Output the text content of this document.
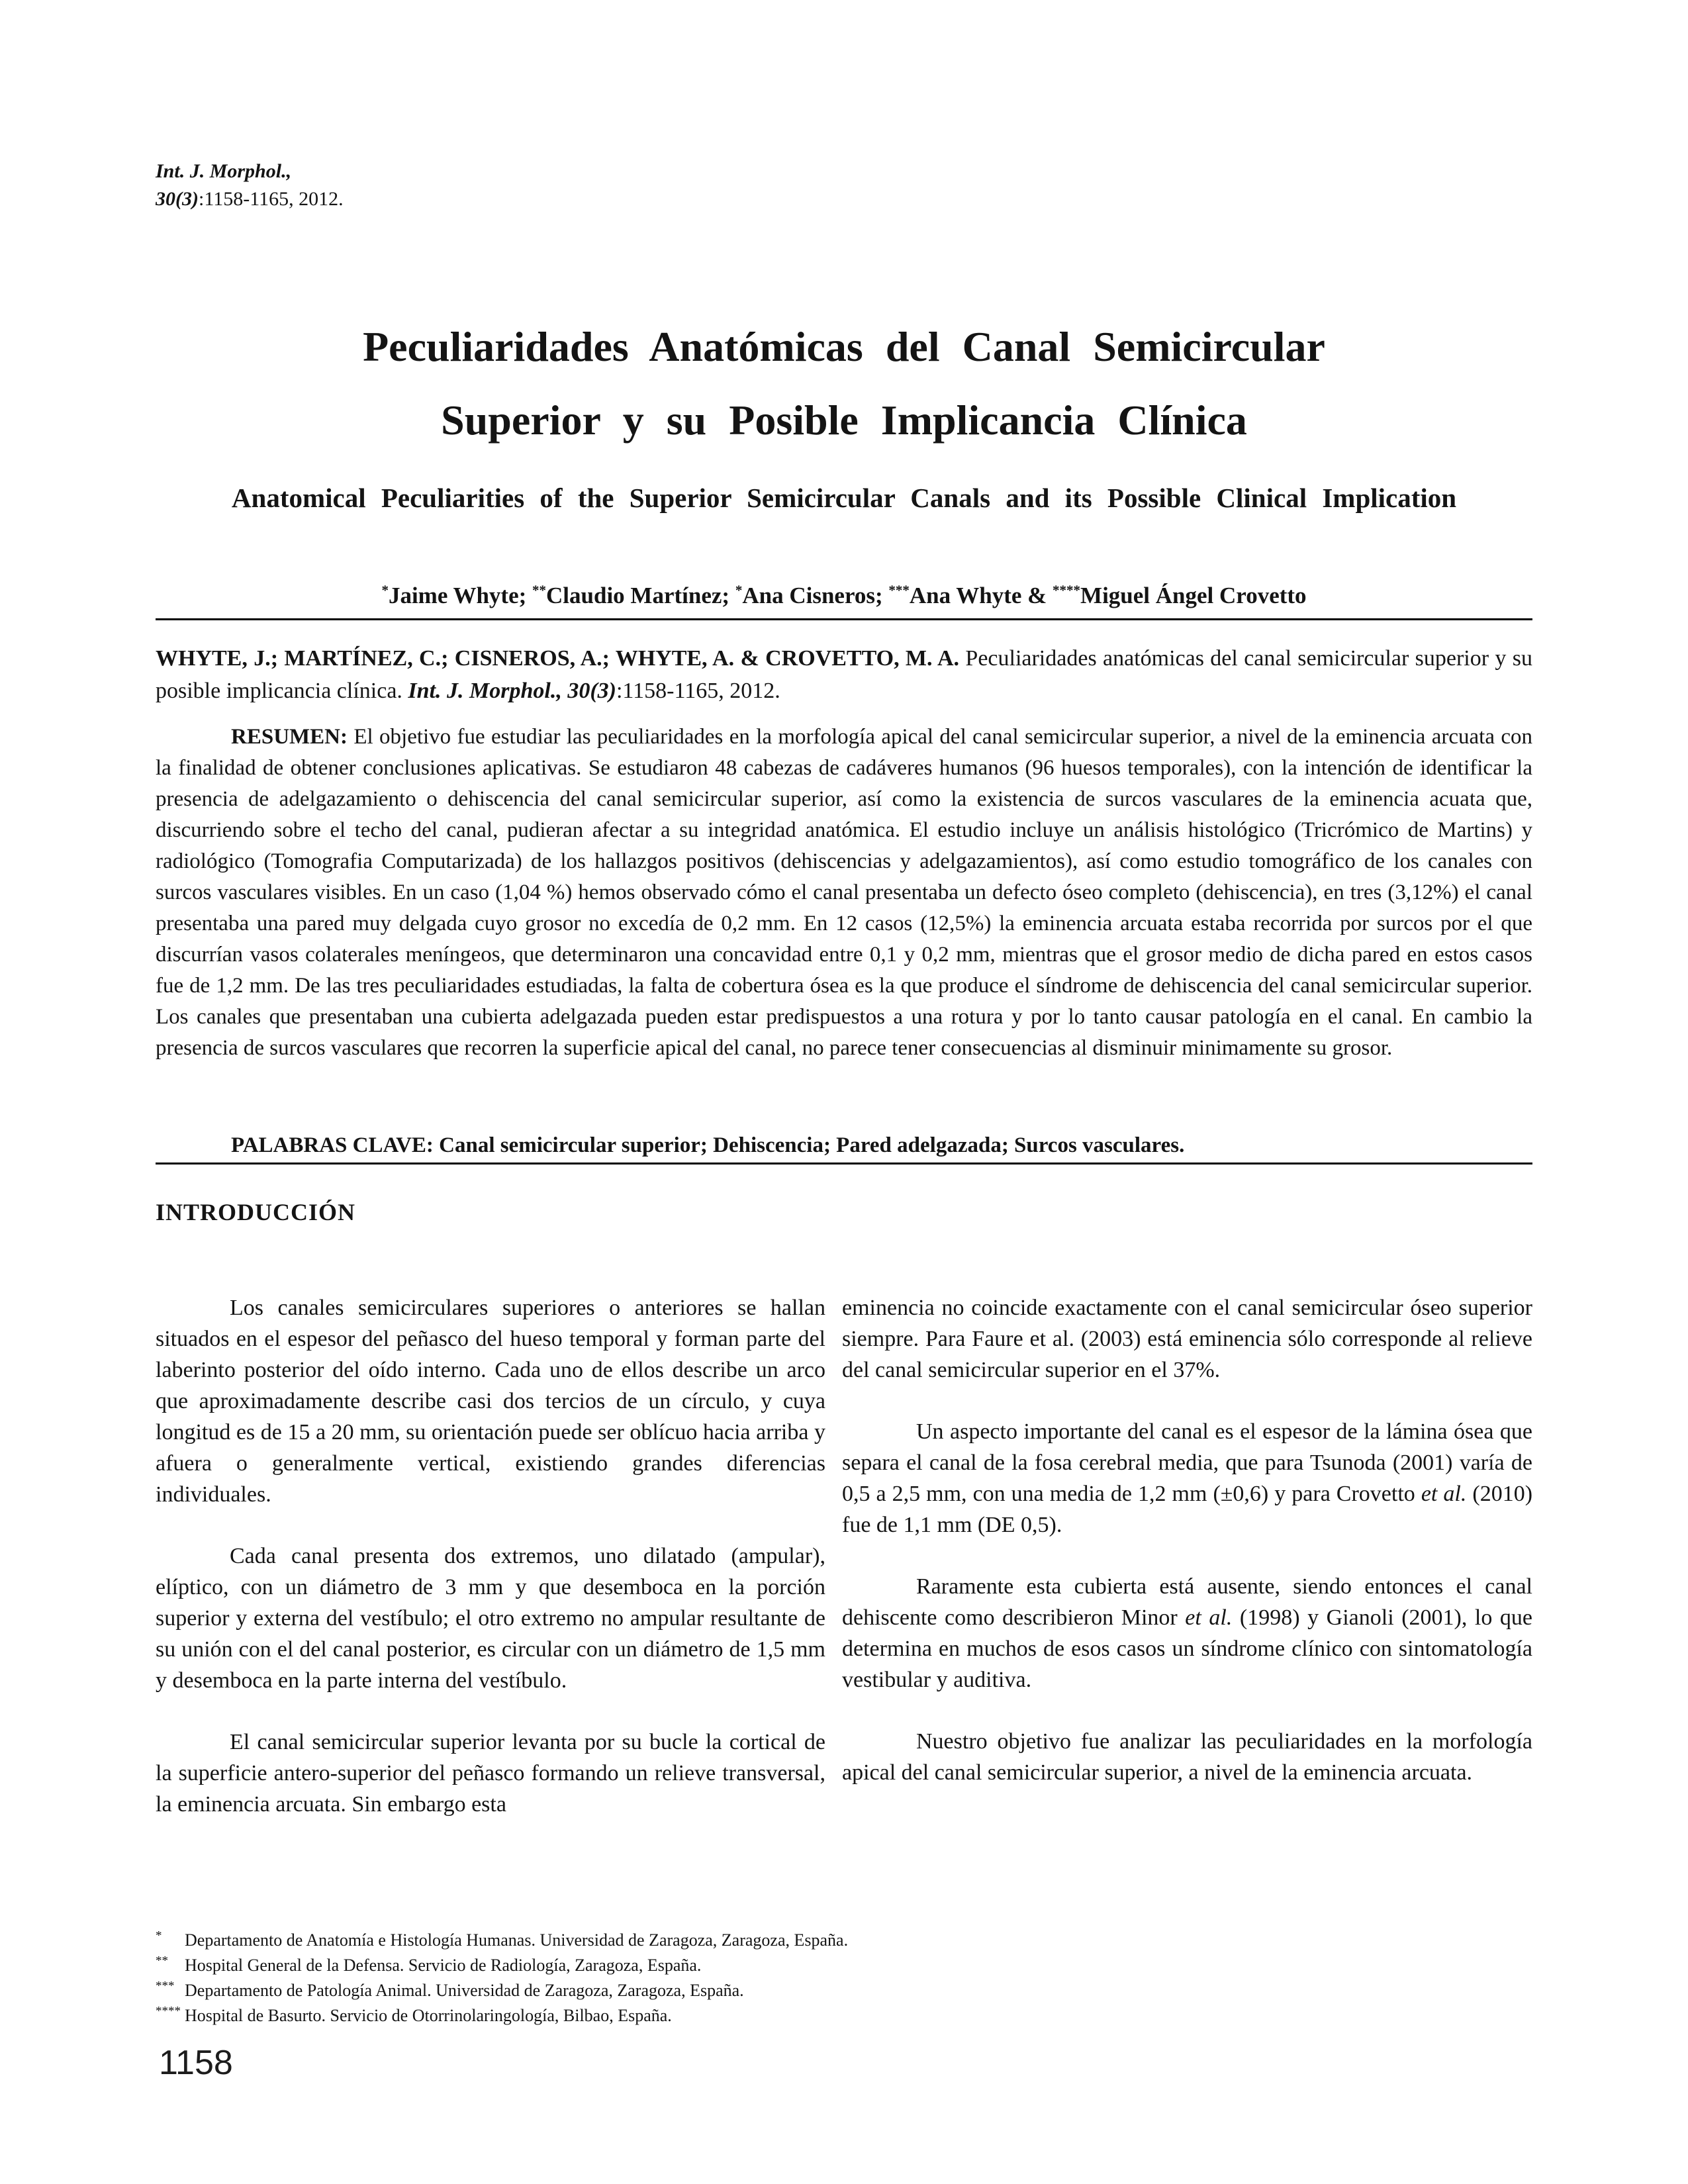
Int. J. Morphol.,
30(3):1158-1165, 2012.
Peculiaridades Anatómicas del Canal Semicircular
Superior y su Posible Implicancia Clínica
Anatomical Peculiarities of the Superior Semicircular Canals and its Possible Clinical Implication
*Jaime Whyte; **Claudio Martínez; *Ana Cisneros; ***Ana Whyte & ****Miguel Ángel Crovetto
WHYTE, J.; MARTÍNEZ, C.; CISNEROS, A.; WHYTE, A. & CROVETTO, M. A. Peculiaridades anatómicas del canal semicircular superior y su posible implicancia clínica. Int. J. Morphol., 30(3):1158-1165, 2012.
RESUMEN: El objetivo fue estudiar las peculiaridades en la morfología apical del canal semicircular superior, a nivel de la eminencia arcuata con la finalidad de obtener conclusiones aplicativas. Se estudiaron 48 cabezas de cadáveres humanos (96 huesos temporales), con la intención de identificar la presencia de adelgazamiento o dehiscencia del canal semicircular superior, así como la existencia de surcos vasculares de la eminencia acuata que, discurriendo sobre el techo del canal, pudieran afectar a su integridad anatómica. El estudio incluye un análisis histológico (Tricrómico de Martins) y radiológico (Tomografia Computarizada) de los hallazgos positivos (dehiscencias y adelgazamientos), así como estudio tomográfico de los canales con surcos vasculares visibles. En un caso (1,04 %) hemos observado cómo el canal presentaba un defecto óseo completo (dehiscencia), en tres (3,12%) el canal presentaba una pared muy delgada cuyo grosor no excedía de 0,2 mm. En 12 casos (12,5%) la eminencia arcuata estaba recorrida por surcos por el que discurrían vasos colaterales meníngeos, que determinaron una concavidad entre 0,1 y 0,2 mm, mientras que el grosor medio de dicha pared en estos casos fue de 1,2 mm. De las tres peculiaridades estudiadas, la falta de cobertura ósea es la que produce el síndrome de dehiscencia del canal semicircular superior. Los canales que presentaban una cubierta adelgazada pueden estar predispuestos a una rotura y por lo tanto causar patología en el canal. En cambio la presencia de surcos vasculares que recorren la superficie apical del canal, no parece tener consecuencias al disminuir minimamente su grosor.
PALABRAS CLAVE: Canal semicircular superior; Dehiscencia; Pared adelgazada; Surcos vasculares.
INTRODUCCIÓN

Los canales semicirculares superiores o anteriores se hallan situados en el espesor del peñasco del hueso temporal y forman parte del laberinto posterior del oído interno. Cada uno de ellos describe un arco que aproximadamente describe casi dos tercios de un círculo, y cuya longitud es de 15 a 20 mm, su orientación puede ser oblícuo hacia arriba y afuera o generalmente vertical, existiendo grandes diferencias individuales.

Cada canal presenta dos extremos, uno dilatado (ampular), elíptico, con un diámetro de 3 mm y que desemboca en la porción superior y externa del vestíbulo; el otro extremo no ampular resultante de su unión con el del canal posterior, es circular con un diámetro de 1,5 mm y desemboca en la parte interna del vestíbulo.

El canal semicircular superior levanta por su bucle la cortical de la superficie antero-superior del peñasco formando un relieve transversal, la eminencia arcuata. Sin embargo esta

eminencia no coincide exactamente con el canal semicircular óseo superior siempre. Para Faure et al. (2003) está eminencia sólo corresponde al relieve del canal semicircular superior en el 37%.

Un aspecto importante del canal es el espesor de la lámina ósea que separa el canal de la fosa cerebral media, que para Tsunoda (2001) varía de 0,5 a 2,5 mm, con una media de 1,2 mm (±0,6) y para Crovetto et al. (2010) fue de 1,1 mm (DE 0,5).

Raramente esta cubierta está ausente, siendo entonces el canal dehiscente como describieron Minor et al. (1998) y Gianoli (2001), lo que determina en muchos de esos casos un síndrome clínico con sintomatología vestibular y auditiva.

Nuestro objetivo fue analizar las peculiaridades en la morfología apical del canal semicircular superior, a nivel de la eminencia arcuata.

* Departamento de Anatomía e Histología Humanas. Universidad de Zaragoza, Zaragoza, España.
** Hospital General de la Defensa. Servicio de Radiología, Zaragoza, España.
*** Departamento de Patología Animal. Universidad de Zaragoza, Zaragoza, España.
**** Hospital de Basurto. Servicio de Otorrinolaringología, Bilbao, España.
1158
